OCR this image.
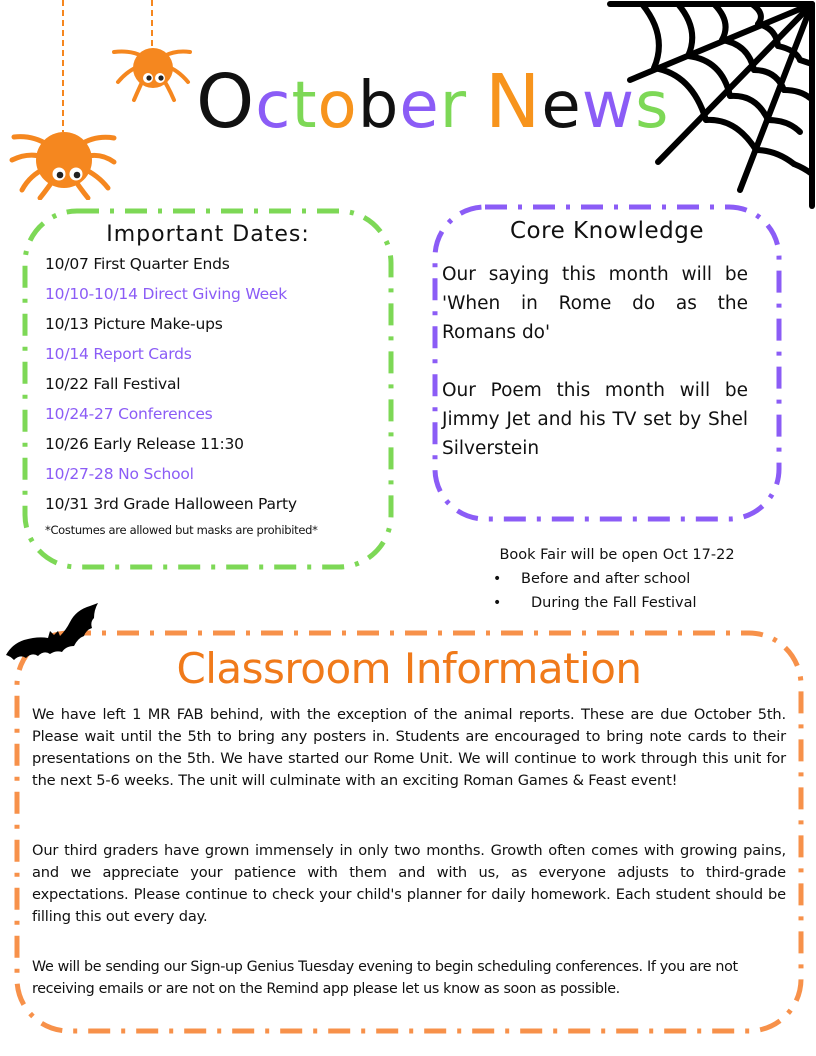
October News
Important Dates:
10/07 First Quarter Ends
10/10-10/14 Direct Giving Week
10/13 Picture Make-ups
10/14 Report Cards
10/22 Fall Festival
10/24-27 Conferences
10/26 Early Release 11:30
10/27-28 No School
10/31 3rd Grade Halloween Party
*Costumes are allowed but masks are prohibited*
Core Knowledge

Our saying this month will be 'When in Rome do as the Romans do'

Our Poem this month will be Jimmy Jet and his TV set by Shel Silverstein

Book Fair will be open Oct 17-22
• Before and after school
• During the Fall Festival
Classroom Information

We have left 1 MR FAB behind, with the exception of the animal reports. These are due October 5th. Please wait until the 5th to bring any posters in. Students are encouraged to bring note cards to their presentations on the 5th. We have started our Rome Unit. We will continue to work through this unit for the next 5-6 weeks. The unit will culminate with an exciting Roman Games & Feast event!

Our third graders have grown immensely in only two months. Growth often comes with growing pains, and we appreciate your patience with them and with us, as everyone adjusts to third-grade expectations. Please continue to check your child's planner for daily homework. Each student should be filling this out every day.

We will be sending our Sign-up Genius Tuesday evening to begin scheduling conferences. If you are not receiving emails or are not on the Remind app please let us know as soon as possible.
